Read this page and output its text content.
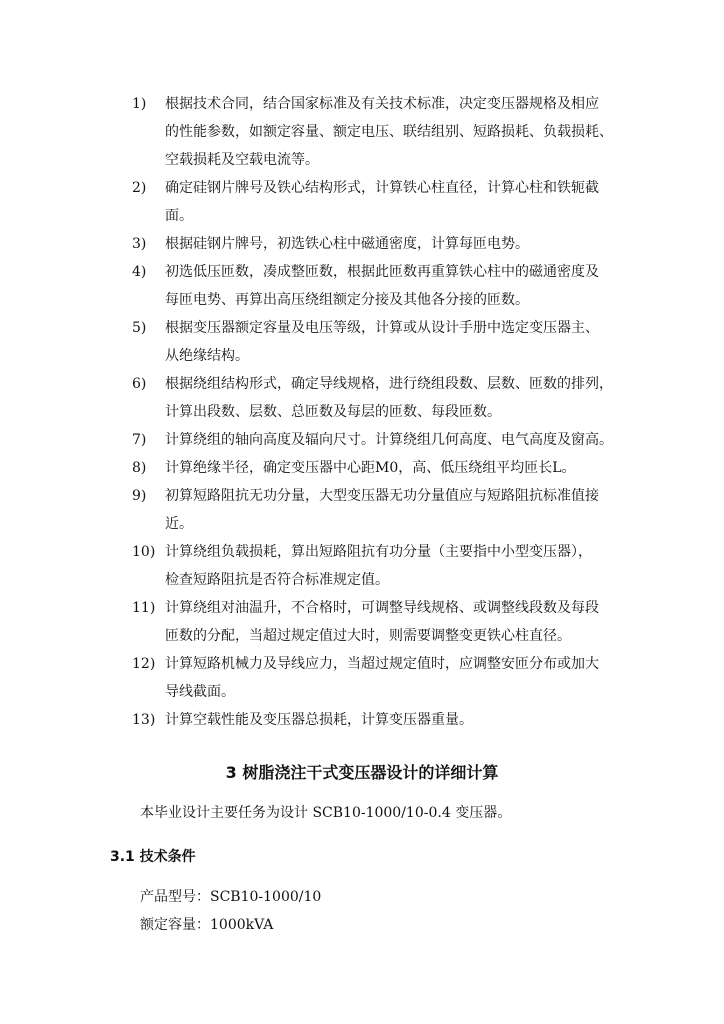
1)	根据技术合同，结合国家标准及有关技术标准，决定变压器规格及相应
的性能参数，如额定容量、额定电压、联结组别、短路损耗、负载损耗、
空载损耗及空载电流等。
2)	确定硅钢片牌号及铁心结构形式，计算铁心柱直径，计算心柱和铁轭截
面。
3)	根据硅钢片牌号，初选铁心柱中磁通密度，计算每匝电势。
4)	初选低压匝数，凑成整匝数，根据此匝数再重算铁心柱中的磁通密度及
每匝电势、再算出高压绕组额定分接及其他各分接的匝数。
5)	根据变压器额定容量及电压等级，计算或从设计手册中选定变压器主、
从绝缘结构。
6)	根据绕组结构形式，确定导线规格，进行绕组段数、层数、匝数的排列，
计算出段数、层数、总匝数及每层的匝数、每段匝数。
7)	计算绕组的轴向高度及辐向尺寸。计算绕组几何高度、电气高度及窗高。
8)	计算绝缘半径，确定变压器中心距M0，高、低压绕组平均匝长L。
9)	初算短路阻抗无功分量，大型变压器无功分量值应与短路阻抗标准值接
近。
10) 计算绕组负载损耗，算出短路阻抗有功分量（主要指中小型变压器），
检查短路阻抗是否符合标准规定值。
11) 计算绕组对油温升，不合格时，可调整导线规格、或调整线段数及每段
匝数的分配，当超过规定值过大时，则需要调整变更铁心柱直径。
12) 计算短路机械力及导线应力，当超过规定值时，应调整安匝分布或加大
导线截面。
13) 计算空载性能及变压器总损耗，计算变压器重量。
3 树脂浇注干式变压器设计的详细计算

本毕业设计主要任务为设计 SCB10-1000/10-0.4 变压器。

3.1 技术条件

产品型号：SCB10-1000/10

额定容量：1000kVA
